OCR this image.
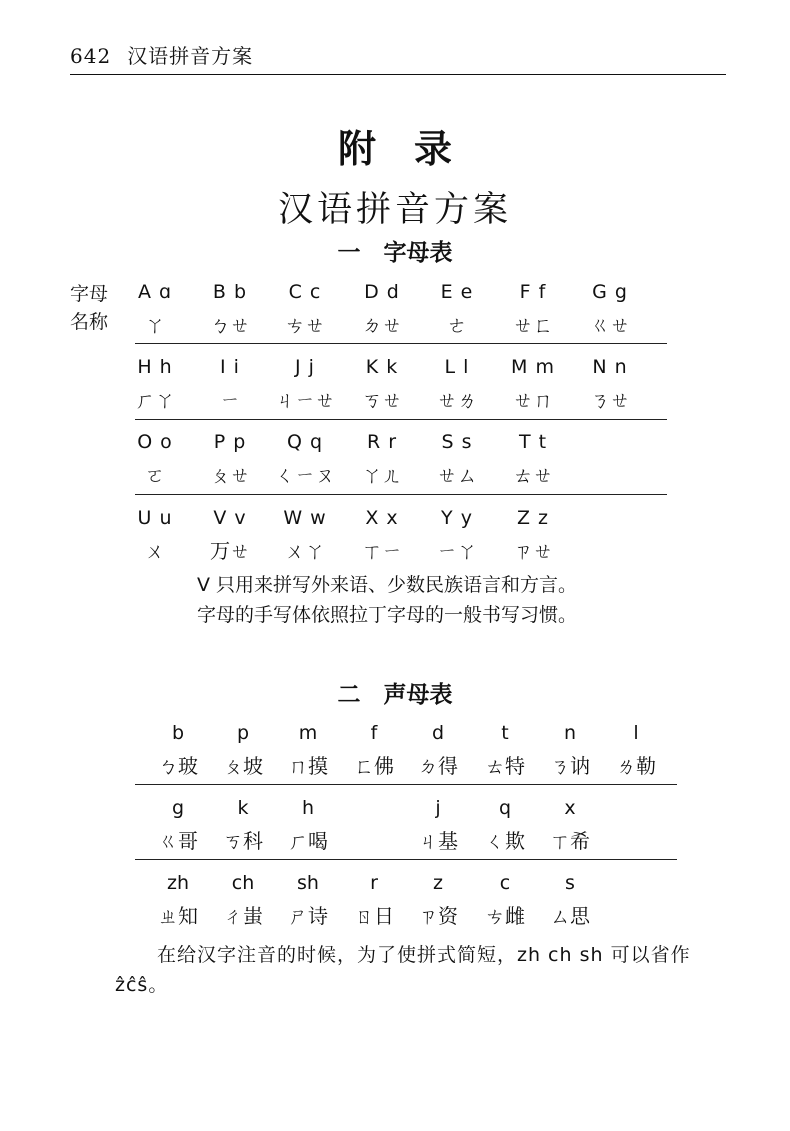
642 汉语拼音方案
附　录
汉语拼音方案
一　字母表
字母
名称
A ɑ
ㄚ
B b
ㄅㄝ
C c
ㄘㄝ
D d
ㄉㄝ
E e
ㄜ
F f
ㄝㄈ
G g
ㄍㄝ
H h
ㄏㄚ
I i
ㄧ
J j
ㄐㄧㄝ
K k
ㄎㄝ
L l
ㄝㄌ
M m
ㄝㄇ
N n
ㄋㄝ
O o
ㄛ
P p
ㄆㄝ
Q q
ㄑㄧㄡ
R r
ㄚㄦ
S s
ㄝㄙ
T t
ㄊㄝ
U u
ㄨ
V v
ㄪㄝ
W w
ㄨㄚ
X x
ㄒㄧ
Y y
ㄧㄚ
Z z
ㄗㄝ
V 只用来拼写外来语、少数民族语言和方言。
字母的手写体依照拉丁字母的一般书写习惯。
二　声母表
b
ㄅ玻
p
ㄆ坡
m
ㄇ摸
f
ㄈ佛
d
ㄉ得
t
ㄊ特
n
ㄋ讷
l
ㄌ勒
g
ㄍ哥
k
ㄎ科
h
ㄏ喝
j
ㄐ基
q
ㄑ欺
x
ㄒ希
zh
ㄓ知
ch
ㄔ蚩
sh
ㄕ诗
r
ㄖ日
z
ㄗ资
c
ㄘ雌
s
ㄙ思
在给汉字注音的时候，为了使拼式简短，zh ch sh 可以省作 ẑĉŝ。
